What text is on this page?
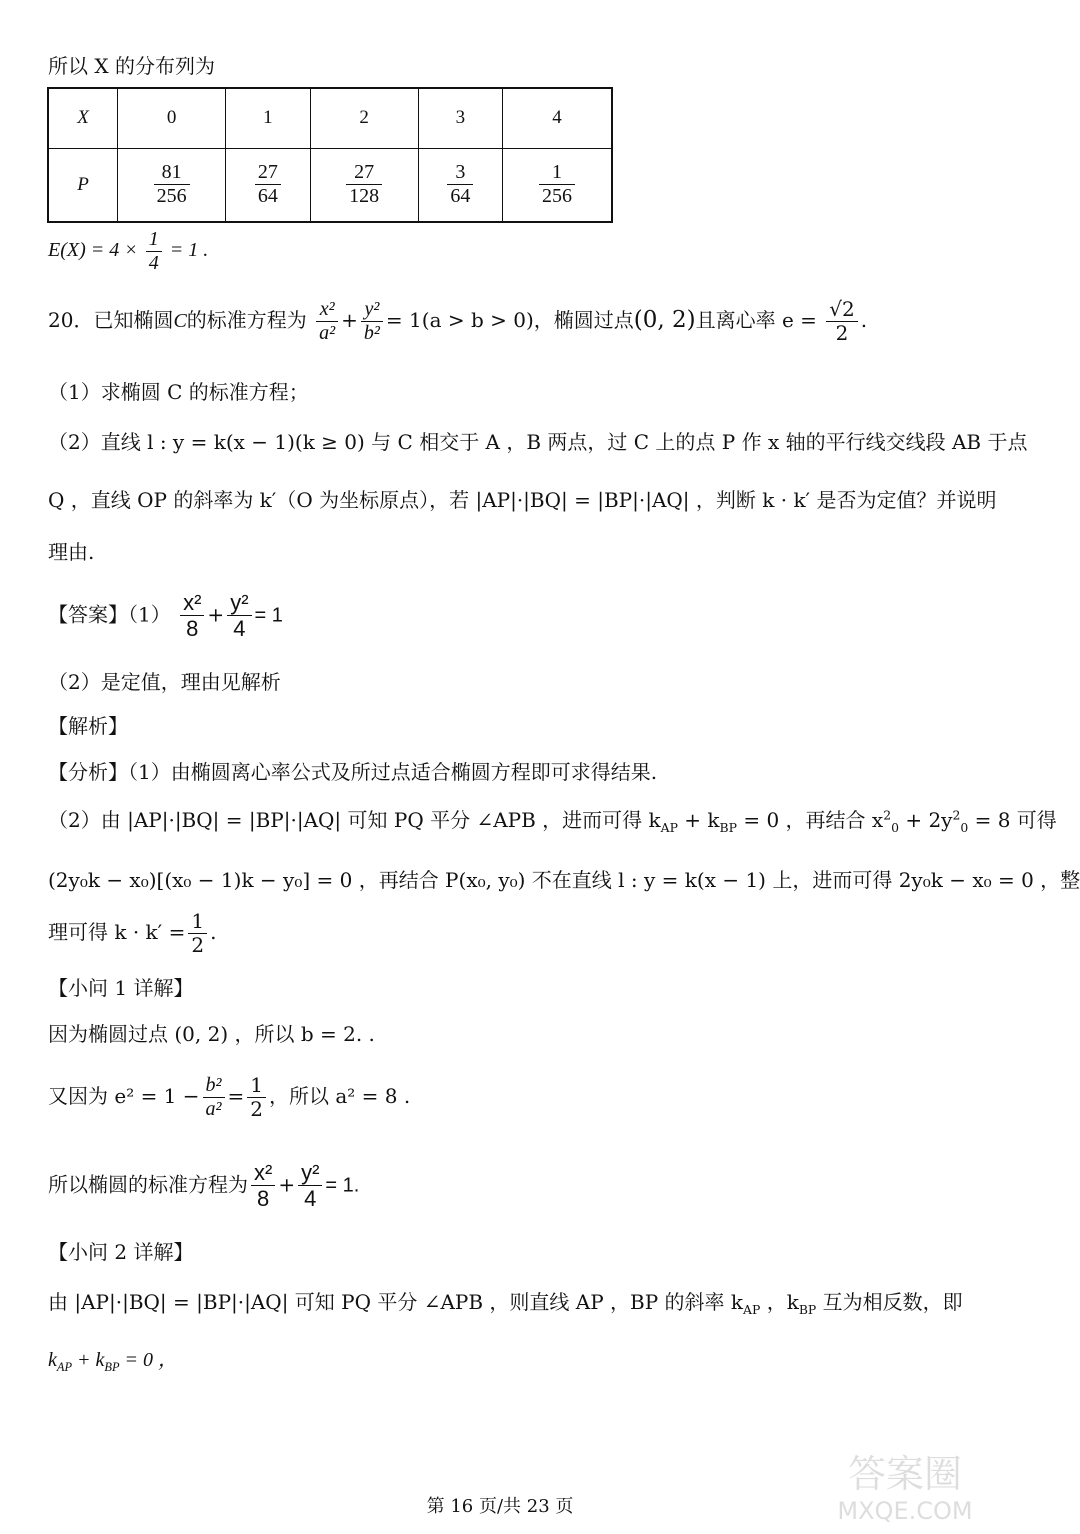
所以 X 的分布列为
X	0	1	2	3	4
P	$\frac{81}{256}$	$\frac{27}{64}$	$\frac{27}{128}$	$\frac{3}{64}$	$\frac{1}{256}$
$E(X) = 4 \times \frac{1}{4} = 1$ .
20．已知椭圆C的标准方程为 $\frac{\text{x²}}{\text{a²}} + \frac{\text{y²}}{\text{b²}} = 1(a > b > 0)$，椭圆过点(0, 2)且离心率 $e = \frac{√2}{2}$ .
（1）求椭圆 C 的标准方程；
（2）直线 l : y = k(x − 1)(k ≥ 0) 与 C 相交于 A ，B 两点，过 C 上的点 P 作 x 轴的平行线交线段 AB 于点
Q ，直线 OP 的斜率为 k′（O 为坐标原点），若 |AP|·|BQ| = |BP|·|AQ| ，判断 k · k′ 是否为定值？并说明
理由.
【答案】$(1) \frac{\text{x²}}{8} + \frac{\text{y²}}{4} = 1$
（2）是定值，理由见解析
【解析】
【分析】（1）由椭圆离心率公式及所过点适合椭圆方程即可求得结果.
（2）由 |AP|·|BQ| = |BP|·|AQ| 可知 PQ 平分 ∠APB ，进而可得 $k_{AP} + k_{BP} = 0$ ，再结合 $x^2_0 + 2y^2_0 = 8$ 可得
(2y₀k − x₀)[(x₀ − 1)k − y₀] = 0 ，再结合 P(x₀, y₀) 不在直线 l : y = k(x − 1) 上，进而可得 2y₀k − x₀ = 0 ，整
理可得 $k \cdot k' = \frac{1}{2}$ .
【小问 1 详解】
因为椭圆过点 (0, 2) ，所以 b = 2. .
又因为 $e^2 = 1 - \frac{\text{b²}}{\text{a²}} = \frac{1}{2}$ ，所以 a² = 8 .
所以椭圆的标准方程为 $\frac{\text{x²}}{8} + \frac{\text{y²}}{4} = 1$.
【小问 2 详解】
由 |AP|·|BQ| = |BP|·|AQ| 可知 PQ 平分 ∠APB ，则直线 AP ，BP 的斜率 $k_{AP}$ ，$k_{BP}$ 互为相反数，即
$k_{AP} + k_{BP} = 0$ ，
答案圈
MXQE.COM
第 16 页/共 23 页
